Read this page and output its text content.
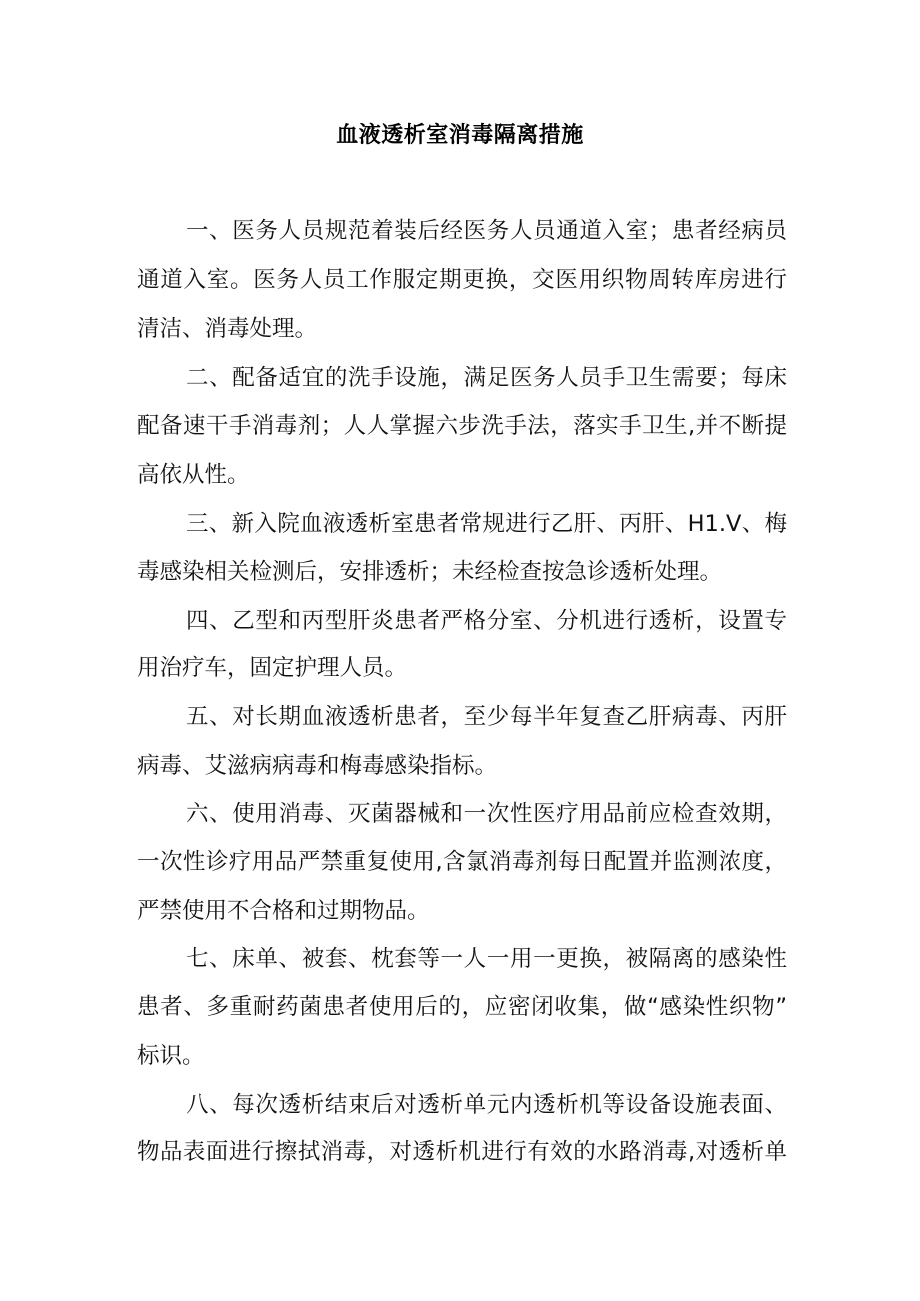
血液透析室消毒隔离措施
一、医务人员规范着装后经医务人员通道入室；患者经病员
通道入室。医务人员工作服定期更换，交医用织物周转库房进行
清洁、消毒处理。
二、配备适宜的洗手设施，满足医务人员手卫生需要；每床
配备速干手消毒剂；人人掌握六步洗手法，落实手卫生,并不断提
高依从性。
三、新入院血液透析室患者常规进行乙肝、丙肝、H1.V、梅
毒感染相关检测后，安排透析；未经检查按急诊透析处理。
四、乙型和丙型肝炎患者严格分室、分机进行透析，设置专
用治疗车，固定护理人员。
五、对长期血液透析患者，至少每半年复查乙肝病毒、丙肝
病毒、艾滋病病毒和梅毒感染指标。
六、使用消毒、灭菌器械和一次性医疗用品前应检查效期，
一次性诊疗用品严禁重复使用,含氯消毒剂每日配置并监测浓度，
严禁使用不合格和过期物品。
七、床单、被套、枕套等一人一用一更换，被隔离的感染性
患者、多重耐药菌患者使用后的，应密闭收集，做“感染性织物”
标识。
八、每次透析结束后对透析单元内透析机等设备设施表面、
物品表面进行擦拭消毒，对透析机进行有效的水路消毒,对透析单
